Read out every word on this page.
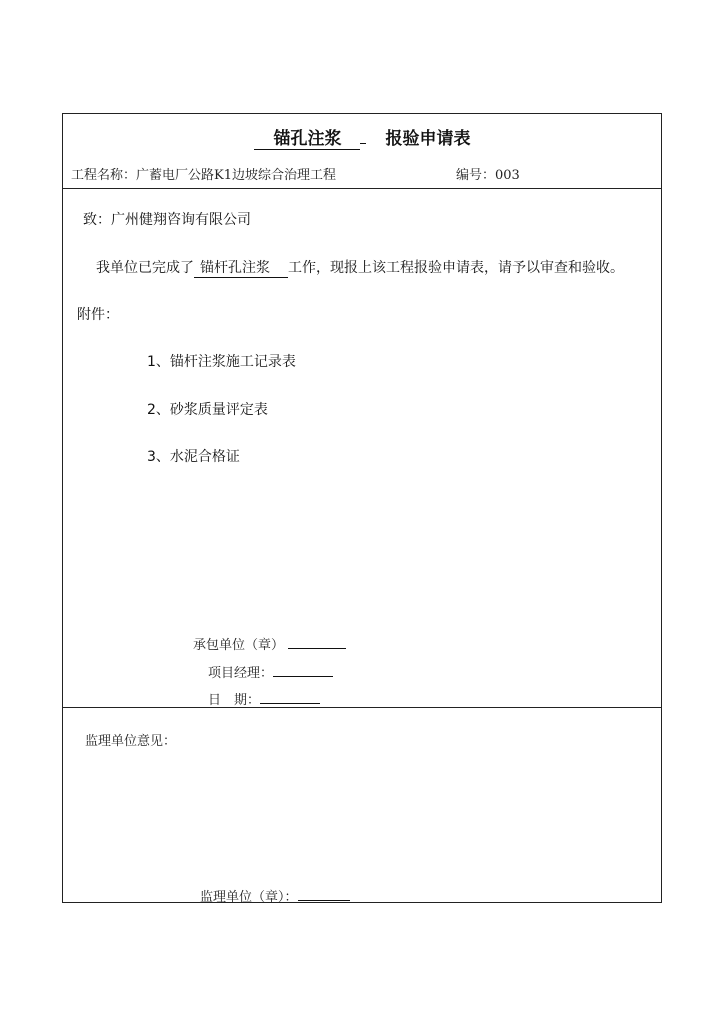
锚孔注浆	报验申请表
工程名称：广蓄电厂公路K1边坡综合治理工程	编号：003
致：广州健翔咨询有限公司
我单位已完成了 锚杆孔注浆 工作，现报上该工程报验申请表，请予以审查和验收。
附件：
1、锚杆注浆施工记录表
2、砂浆质量评定表
3、水泥合格证
承包单位（章）
项目经理：
日　期：
监理单位意见：
监理单位（章）：
